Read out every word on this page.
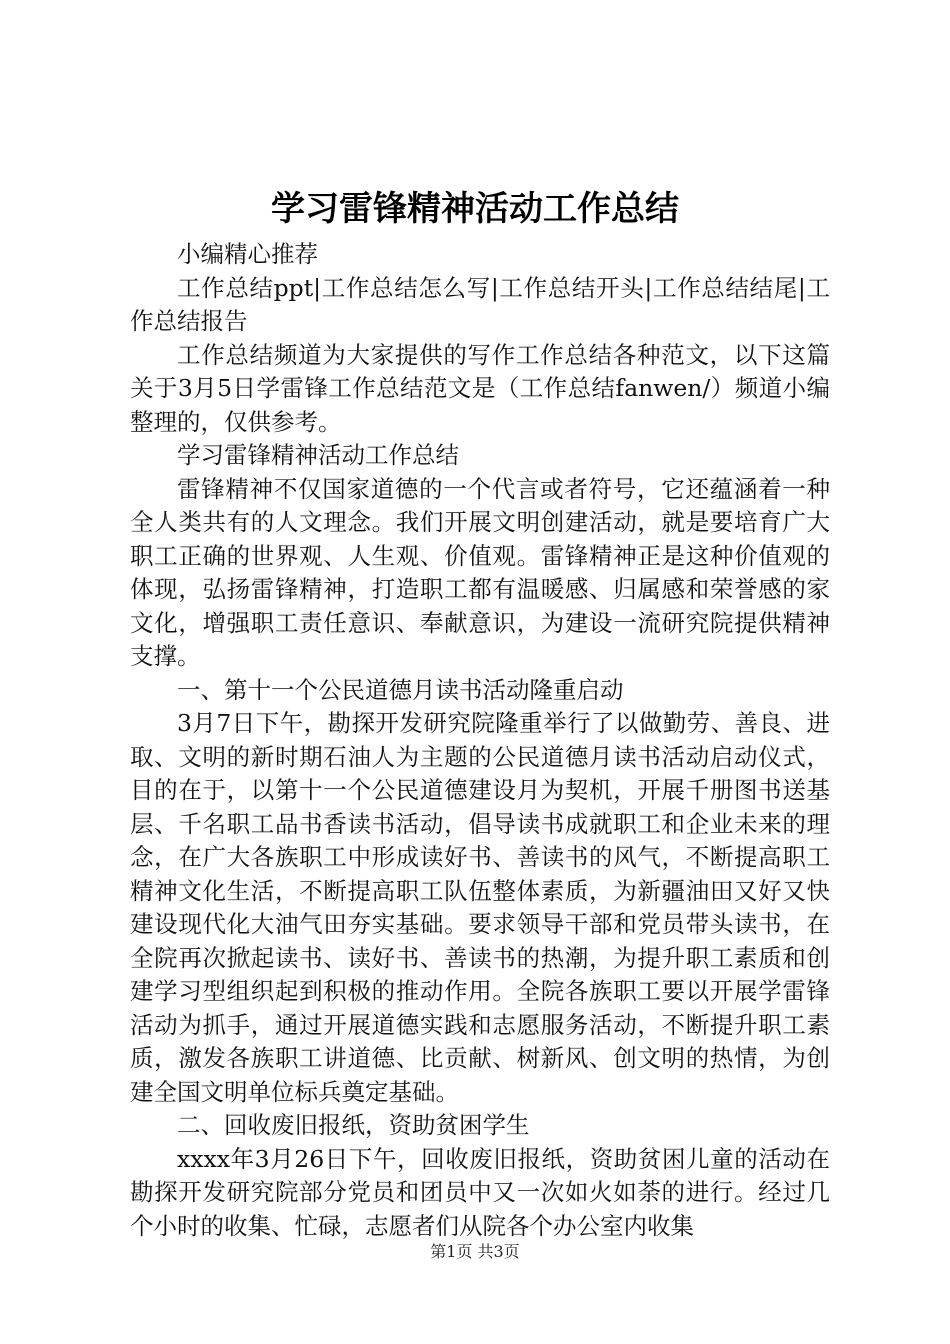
学习雷锋精神活动工作总结

小编精心推荐

工作总结ppt|工作总结怎么写|工作总结开头|工作总结结尾|工作总结报告

工作总结频道为大家提供的写作工作总结各种范文，以下这篇关于3月5日学雷锋工作总结范文是（工作总结fanwen/）频道小编整理的，仅供参考。

学习雷锋精神活动工作总结

雷锋精神不仅国家道德的一个代言或者符号，它还蕴涵着一种全人类共有的人文理念。我们开展文明创建活动，就是要培育广大职工正确的世界观、人生观、价值观。雷锋精神正是这种价值观的体现，弘扬雷锋精神，打造职工都有温暖感、归属感和荣誉感的家文化，增强职工责任意识、奉献意识，为建设一流研究院提供精神支撑。

一、第十一个公民道德月读书活动隆重启动

3月7日下午，勘探开发研究院隆重举行了以做勤劳、善良、进取、文明的新时期石油人为主题的公民道德月读书活动启动仪式，目的在于，以第十一个公民道德建设月为契机，开展千册图书送基层、千名职工品书香读书活动，倡导读书成就职工和企业未来的理念，在广大各族职工中形成读好书、善读书的风气，不断提高职工精神文化生活，不断提高职工队伍整体素质，为新疆油田又好又快建设现代化大油气田夯实基础。要求领导干部和党员带头读书，在全院再次掀起读书、读好书、善读书的热潮，为提升职工素质和创建学习型组织起到积极的推动作用。全院各族职工要以开展学雷锋活动为抓手，通过开展道德实践和志愿服务活动，不断提升职工素质，激发各族职工讲道德、比贡献、树新风、创文明的热情，为创建全国文明单位标兵奠定基础。

二、回收废旧报纸，资助贫困学生

xxxx年3月26日下午，回收废旧报纸，资助贫困儿童的活动在勘探开发研究院部分党员和团员中又一次如火如荼的进行。经过几个小时的收集、忙碌，志愿者们从院各个办公室内收集

第1页 共3页
